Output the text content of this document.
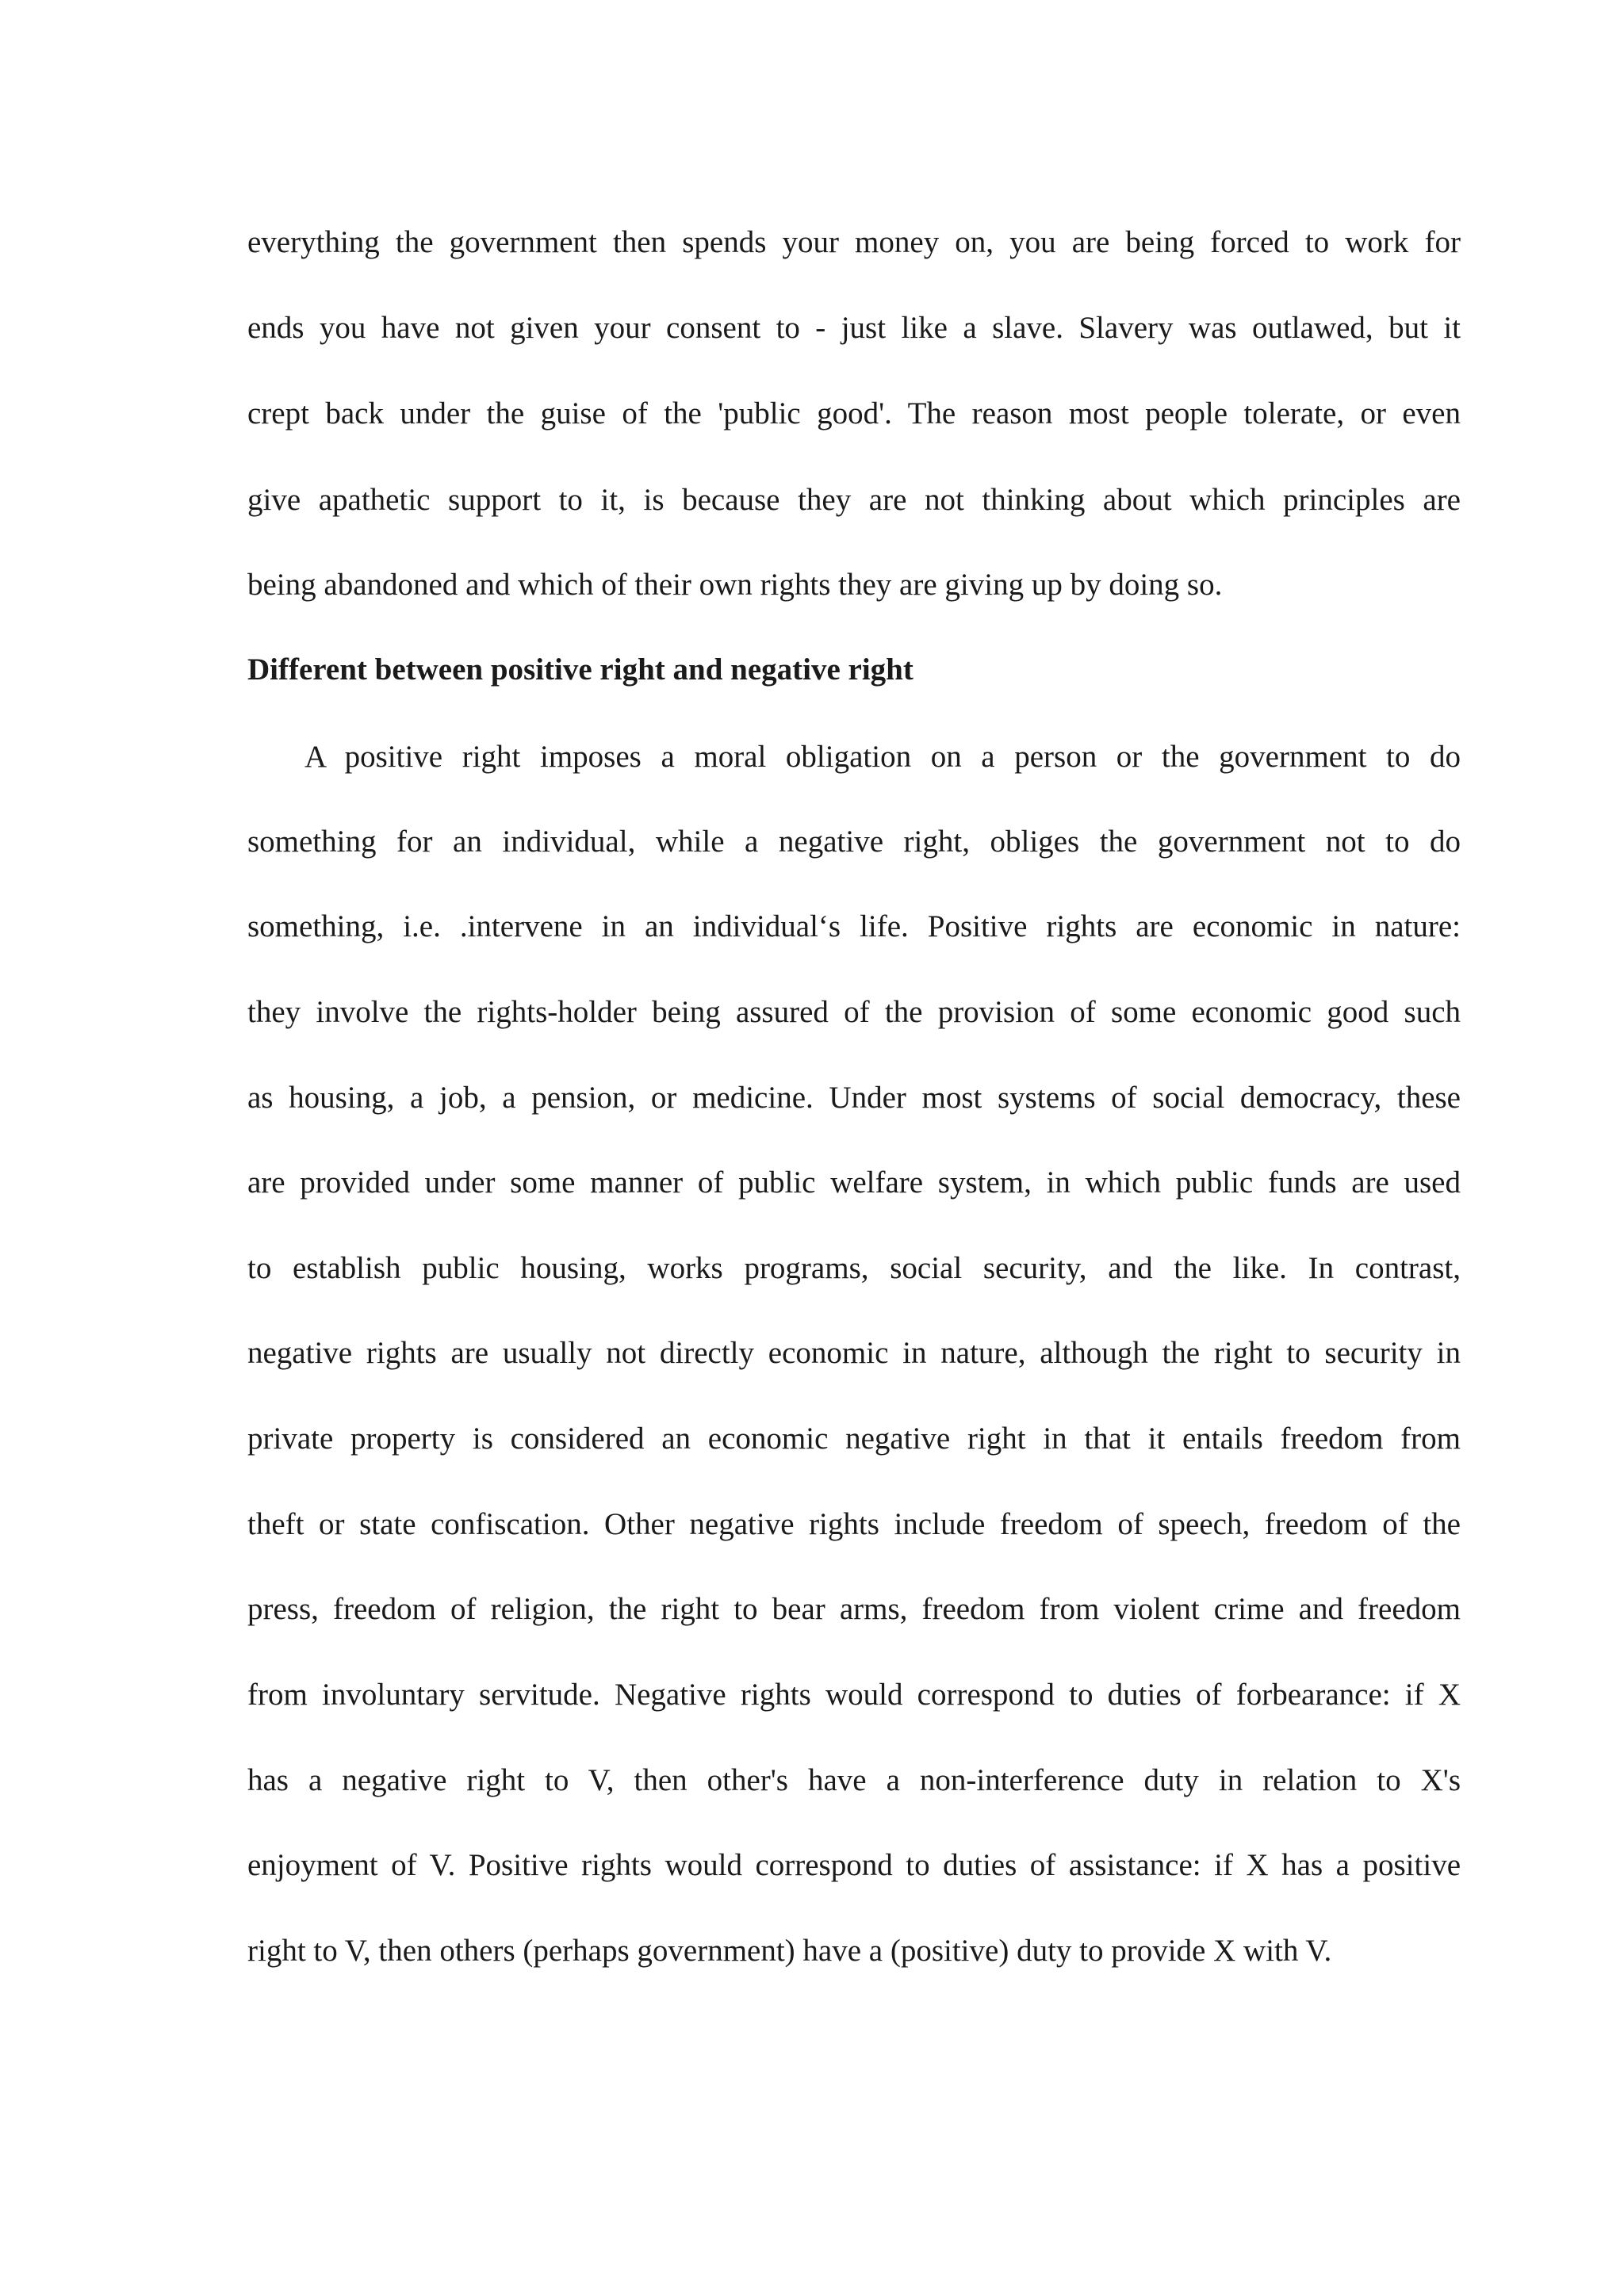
everything the government then spends your money on, you are being forced to work for
ends you have not given your consent to - just like a slave. Slavery was outlawed, but it
crept back under the guise of the 'public good'. The reason most people tolerate, or even
give apathetic support to it, is because they are not thinking about which principles are
being abandoned and which of their own rights they are giving up by doing so.
Different between positive right and negative right
A positive right imposes a moral obligation on a person or the government to do
something for an individual, while a negative right, obliges the government not to do
something, i.e. .intervene in an individual‘s life. Positive rights are economic in nature:
they involve the rights-holder being assured of the provision of some economic good such
as housing, a job, a pension, or medicine. Under most systems of social democracy, these
are provided under some manner of public welfare system, in which public funds are used
to establish public housing, works programs, social security, and the like. In contrast,
negative rights are usually not directly economic in nature, although the right to security in
private property is considered an economic negative right in that it entails freedom from
theft or state confiscation. Other negative rights include freedom of speech, freedom of the
press, freedom of religion, the right to bear arms, freedom from violent crime and freedom
from involuntary servitude. Negative rights would correspond to duties of forbearance: if X
has a negative right to V, then other's have a non-interference duty in relation to X's
enjoyment of V. Positive rights would correspond to duties of assistance: if X has a positive
right to V, then others (perhaps government) have a (positive) duty to provide X with V.
